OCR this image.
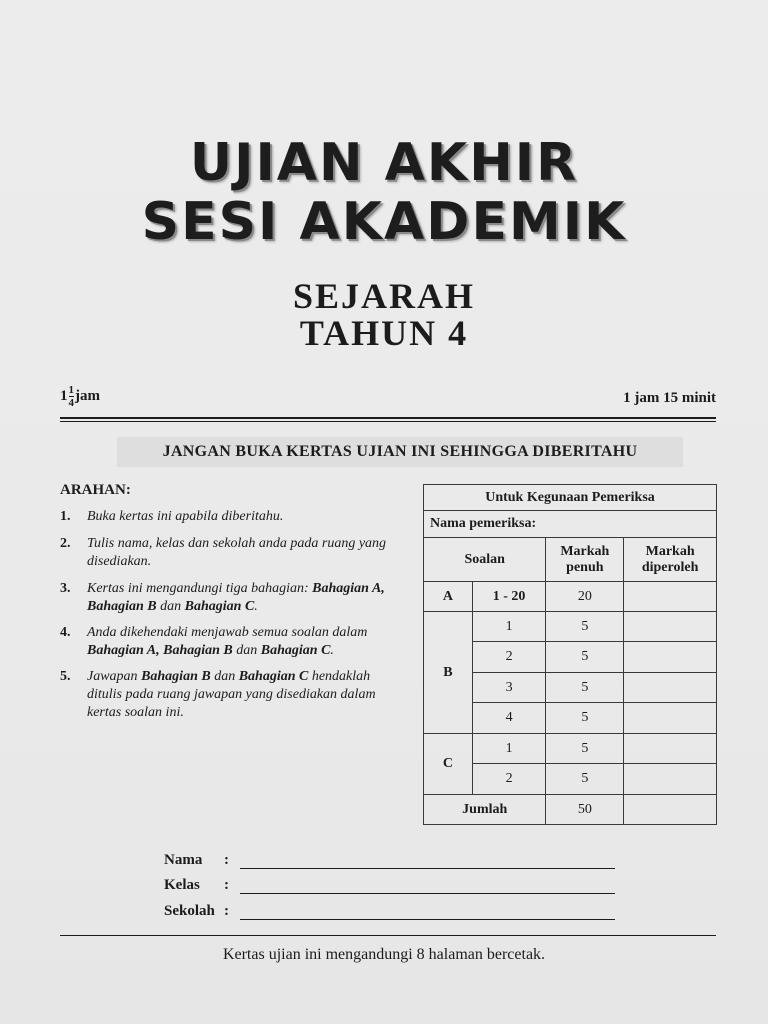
UJIAN AKHIR
SESI AKADEMIK
SEJARAH
TAHUN 4
$1 \frac{1}{4}$ jam	1 jam 15 minit
JANGAN BUKA KERTAS UJIAN INI SEHINGGA DIBERITAHU
ARAHAN:
1. Buka kertas ini apabila diberitahu.
2. Tulis nama, kelas dan sekolah anda pada ruang yang disediakan.
3. Kertas ini mengandungi tiga bahagian: Bahagian A, Bahagian B dan Bahagian C.
4. Anda dikehendaki menjawab semua soalan dalam Bahagian A, Bahagian B dan Bahagian C.
5. Jawapan Bahagian B dan Bahagian C hendaklah ditulis pada ruang jawapan yang disediakan dalam kertas soalan ini.
Untuk Kegunaan Pemeriksa			
Nama pemeriksa:			
Soalan		Markah penuh	Markah diperoleh
A	1 - 20	20	
B	1	5	
	2	5	
	3	5	
	4	5	
C	1	5	
	2	5	
Jumlah		50	
Nama :
Kelas :
Sekolah :
Kertas ujian ini mengandungi 8 halaman bercetak.
